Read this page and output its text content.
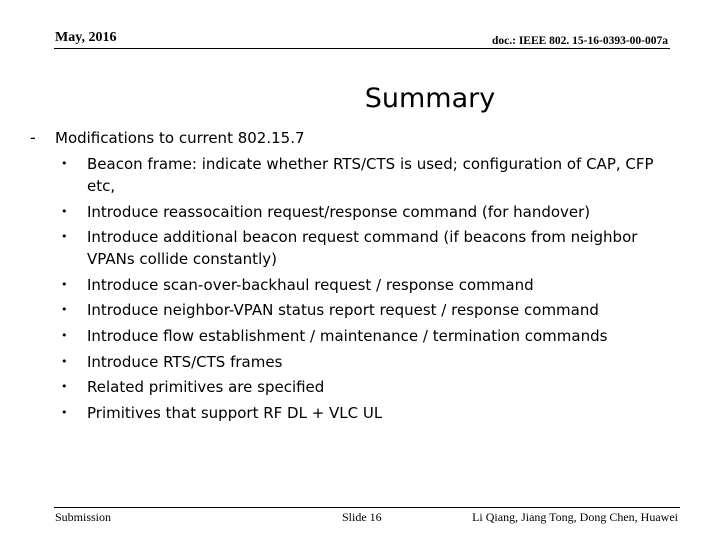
May, 2016	doc.: IEEE 802. 15-16-0393-00-007a
Summary
- Modifications to current 802.15.7
• Beacon frame: indicate whether RTS/CTS is used; configuration of CAP, CFP etc,
• Introduce reassocaition request/response command (for handover)
• Introduce additional beacon request command (if beacons from neighbor VPANs collide constantly)
• Introduce scan-over-backhaul request / response command
• Introduce neighbor-VPAN status report request / response command
• Introduce flow establishment / maintenance / termination commands
• Introduce RTS/CTS frames
• Related primitives are specified
• Primitives that support RF DL + VLC UL
Submission	Slide 16	Li Qiang, Jiang Tong, Dong Chen, Huawei
